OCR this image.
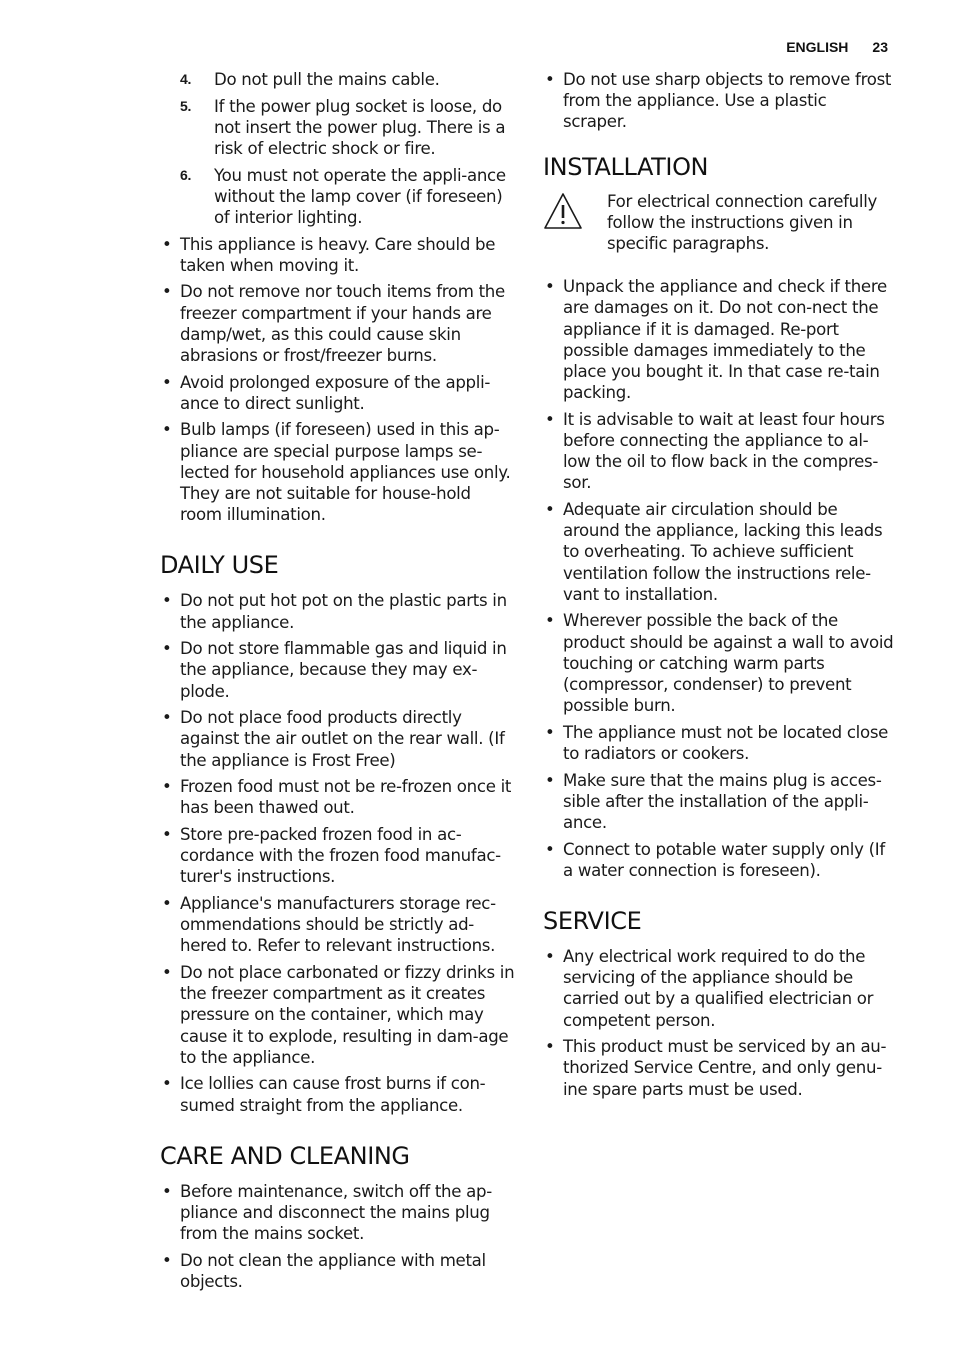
ENGLISH 23
4. Do not pull the mains cable.
5. If the power plug socket is loose, do not insert the power plug. There is a risk of electric shock or fire.
6. You must not operate the appli-ance without the lamp cover (if foreseen) of interior lighting.
• This appliance is heavy. Care should be taken when moving it.
• Do not remove nor touch items from the freezer compartment if your hands are damp/wet, as this could cause skin abrasions or frost/freezer burns.
• Avoid prolonged exposure of the appli-ance to direct sunlight.
• Bulb lamps (if foreseen) used in this ap-pliance are special purpose lamps se-lected for household appliances use only. They are not suitable for house-hold room illumination.
DAILY USE
• Do not put hot pot on the plastic parts in the appliance.
• Do not store flammable gas and liquid in the appliance, because they may ex-plode.
• Do not place food products directly against the air outlet on the rear wall. (If the appliance is Frost Free)
• Frozen food must not be re-frozen once it has been thawed out.
• Store pre-packed frozen food in ac-cordance with the frozen food manufac-turer's instructions.
• Appliance's manufacturers storage rec-ommendations should be strictly ad-hered to. Refer to relevant instructions.
• Do not place carbonated or fizzy drinks in the freezer compartment as it creates pressure on the container, which may cause it to explode, resulting in dam-age to the appliance.
• Ice lollies can cause frost burns if con-sumed straight from the appliance.
CARE AND CLEANING
• Before maintenance, switch off the ap-pliance and disconnect the mains plug from the mains socket.
• Do not clean the appliance with metal objects.
• Do not use sharp objects to remove frost from the appliance. Use a plastic scraper.
INSTALLATION
For electrical connection carefully follow the instructions given in specific paragraphs.
• Unpack the appliance and check if there are damages on it. Do not con-nect the appliance if it is damaged. Re-port possible damages immediately to the place you bought it. In that case re-tain packing.
• It is advisable to wait at least four hours before connecting the appliance to al-low the oil to flow back in the compres-sor.
• Adequate air circulation should be around the appliance, lacking this leads to overheating. To achieve sufficient ventilation follow the instructions rele-vant to installation.
• Wherever possible the back of the product should be against a wall to avoid touching or catching warm parts (compressor, condenser) to prevent possible burn.
• The appliance must not be located close to radiators or cookers.
• Make sure that the mains plug is acces-sible after the installation of the appli-ance.
• Connect to potable water supply only (If a water connection is foreseen).
SERVICE
• Any electrical work required to do the servicing of the appliance should be carried out by a qualified electrician or competent person.
• This product must be serviced by an au-thorized Service Centre, and only genu-ine spare parts must be used.
